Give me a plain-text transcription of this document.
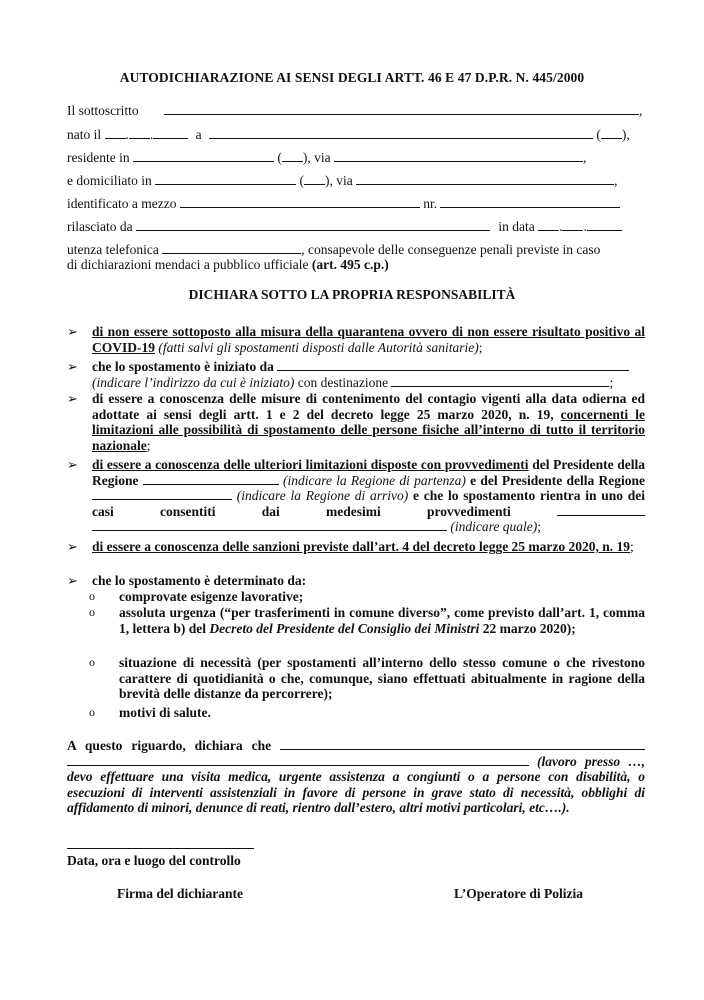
AUTODICHIARAZIONE AI SENSI DEGLI ARTT. 46 E 47 D.P.R. N. 445/2000
Il sottoscritto	,
nato il . .	a	( ),
residente in	( ), via	,
e domiciliato in	( ), via	,
identificato a mezzo	nr.
rilasciato da	in data . .
utenza telefonica	, consapevole delle conseguenze penali previste in caso
di dichiarazioni mendaci a pubblico ufficiale (art. 495 c.p.)
DICHIARA SOTTO LA PROPRIA RESPONSABILITÀ
➢ di non essere sottoposto alla misura della quarantena ovvero di non essere risultato positivo al COVID-19 (fatti salvi gli spostamenti disposti dalle Autorità sanitarie);
➢ che lo spostamento è iniziato da
(indicare l’indirizzo da cui è iniziato) con destinazione	;
➢ di essere a conoscenza delle misure di contenimento del contagio vigenti alla data odierna ed adottate ai sensi degli artt. 1 e 2 del decreto legge 25 marzo 2020, n. 19, concernenti le limitazioni alle possibilità di spostamento delle persone fisiche all’interno di tutto il territorio nazionale;
➢ di essere a conoscenza delle ulteriori limitazioni disposte con provvedimenti del Presidente della Regione	(indicare la Regione di partenza) e del Presidente della Regione  (indicare la Regione di arrivo) e che lo spostamento rientra in uno dei casi consentiti dai medesimi provvedimenti   (indicare quale);
➢ di essere a conoscenza delle sanzioni previste dall’art. 4 del decreto legge 25 marzo 2020, n. 19;
➢ che lo spostamento è determinato da:
o comprovate esigenze lavorative;
o assoluta urgenza (“per trasferimenti in comune diverso”, come previsto dall’art. 1, comma 1, lettera b) del Decreto del Presidente del Consiglio dei Ministri 22 marzo 2020);
o situazione di necessità (per spostamenti all’interno dello stesso comune o che rivestono carattere di quotidianità o che, comunque, siano effettuati abitualmente in ragione della brevità delle distanze da percorrere);
o motivi di salute.
A questo riguardo, dichiara che   (lavoro presso …, devo effettuare una visita medica, urgente assistenza a congiunti o a persone con disabilità, o esecuzioni di interventi assistenziali in favore di persone in grave stato di necessità, obblighi di affidamento di minori, denunce di reati, rientro dall’estero, altri motivi particolari, etc….).
Data, ora e luogo del controllo
Firma del dichiarante	L’Operatore di Polizia
